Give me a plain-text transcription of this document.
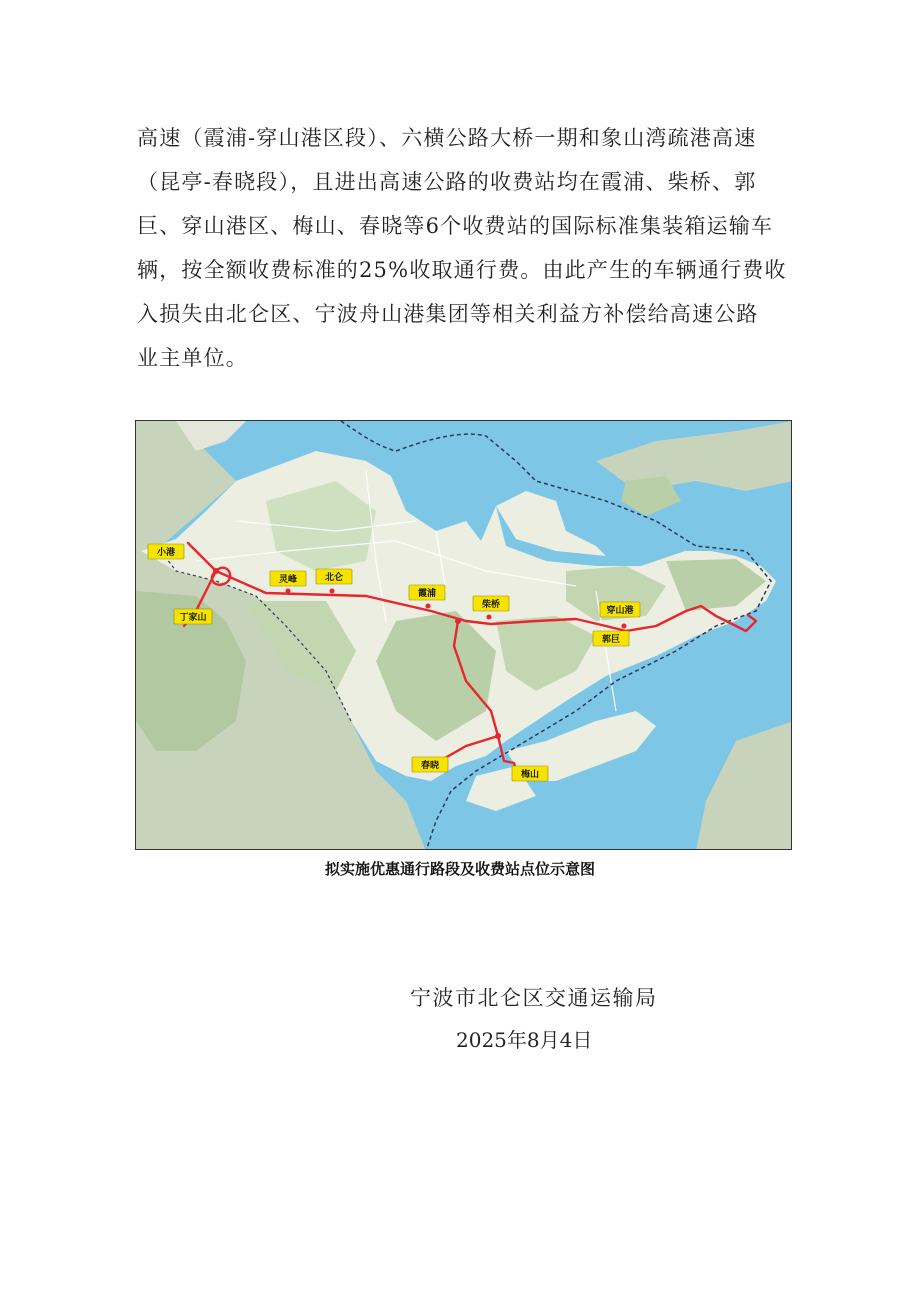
高速（霞浦-穿山港区段）、六横公路大桥一期和象山湾疏港高速
（昆亭-春晓段），且进出高速公路的收费站均在霞浦、柴桥、郭
巨、穿山港区、梅山、春晓等6个收费站的国际标准集装箱运输车
辆，按全额收费标准的25%收取通行费。由此产生的车辆通行费收
入损失由北仑区、宁波舟山港集团等相关利益方补偿给高速公路
业主单位。

小港
丁家山
灵峰	北仑
霞浦
柴桥
穿山港
郭巨
春晓
梅山
拟实施优惠通行路段及收费站点位示意图
宁波市北仑区交通运输局
2025年8月4日
